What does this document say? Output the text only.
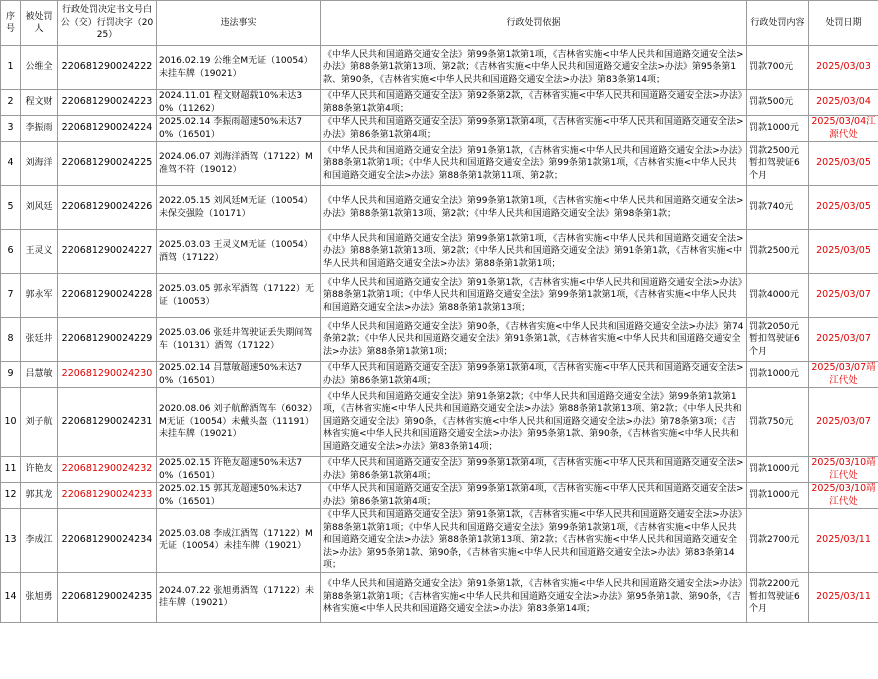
序号	被处罚人	行政处罚决定书文号白公（交）行罚决字（2025）	违法事实	行政处罚依据	行政处罚内容	处罚日期
1	公维全	220681290024222	2016.02.19 公维全M无证（10054）未挂车牌（19021）	《中华人民共和国道路交通安全法》第99条第1款第1项，《吉林省实施<中华人民共和国道路交通安全法>办法》第88条第1款第13项、第2款；《吉林省实施<中华人民共和国道路交通安全法>办法》第95条第1款、第90条，《吉林省实施<中华人民共和国道路交通安全法>办法》第83条第14项；	罚款700元	2025/03/03
2	程文财	220681290024223	2024.11.01 程文财超载10%未达30%（11262）	《中华人民共和国道路交通安全法》第92条第2款，《吉林省实施<中华人民共和国道路交通安全法>办法》第88条第1款第4项；	罚款500元	2025/03/04
3	李振雨	220681290024224	2025.02.14 李振雨超速50%未达70%（16501）	《中华人民共和国道路交通安全法》第99条第1款第4项，《吉林省实施<中华人民共和国道路交通安全法>办法》第86条第1款第4项；	罚款1000元	2025/03/04江源代处
4	刘海洋	220681290024225	2024.06.07 刘海洋酒驾（17122）M准驾不符（19012）	《中华人民共和国道路交通安全法》第91条第1款，《吉林省实施<中华人民共和国道路交通安全法>办法》第88条第1款第1项；《中华人民共和国道路交通安全法》第99条第1款第1项，《吉林省实施<中华人民共和国道路交通安全法>办法》第88条第1款第11项、第2款；	罚款2500元暂扣驾驶证6个月	2025/03/05
5	刘风廷	220681290024226	2022.05.15 刘风廷M无证（10054）未保交强险（10171）	《中华人民共和国道路交通安全法》第99条第1款第1项，《吉林省实施<中华人民共和国道路交通安全法>办法》第88条第1款第13项、第2款；《中华人民共和国道路交通安全法》第98条第1款；	罚款740元	2025/03/05
6	王灵义	220681290024227	2025.03.03 王灵义M无证（10054）酒驾（17122）	《中华人民共和国道路交通安全法》第99条第1款第1项，《吉林省实施<中华人民共和国道路交通安全法>办法》第88条第1款第13项、第2款；《中华人民共和国道路交通安全法》第91条第1款，《吉林省实施<中华人民共和国道路交通安全法>办法》第88条第1款第1项；	罚款2500元	2025/03/05
7	郭永军	220681290024228	2025.03.05 郭永军酒驾（17122）无证（10053）	《中华人民共和国道路交通安全法》第91条第1款，《吉林省实施<中华人民共和国道路交通安全法>办法》第88条第1款第1项；《中华人民共和国道路交通安全法》第99条第1款第1项，《吉林省实施<中华人民共和国道路交通安全法>办法》第88条第1款第13项；	罚款4000元	2025/03/07
8	张廷井	220681290024229	2025.03.06 张廷井驾驶证丢失期间驾车（10131）酒驾（17122）	《中华人民共和国道路交通安全法》第90条，《吉林省实施<中华人民共和国道路交通安全法>办法》第74条第2款；《中华人民共和国道路交通安全法》第91条第1款，《吉林省实施<中华人民共和国道路交通安全法>办法》第88条第1款第1项；	罚款2050元暂扣驾驶证6个月	2025/03/07
9	吕慧敏	220681290024230	2025.02.14 吕慧敏超速50%未达70%（16501）	《中华人民共和国道路交通安全法》第99条第1款第4项，《吉林省实施<中华人民共和国道路交通安全法>办法》第86条第1款第4项；	罚款1000元	2025/03/07靖江代处
10	刘子航	220681290024231	2020.08.06 刘子航醉酒驾车（6032）M无证（10054）未戴头盔（11191）未挂车牌（19021）	《中华人民共和国道路交通安全法》第91条第2款；《中华人民共和国道路交通安全法》第99条第1款第1项，《吉林省实施<中华人民共和国道路交通安全法>办法》第88条第1款第13项、第2款；《中华人民共和国道路交通安全法》第90条，《吉林省实施<中华人民共和国道路交通安全法>办法》第78条第3项；《吉林省实施<中华人民共和国道路交通安全法>办法》第95条第1款、第90条，《吉林省实施<中华人民共和国道路交通安全法>办法》第83条第14项；	罚款750元	2025/03/07
11	许艳友	220681290024232	2025.02.15 许艳友超速50%未达70%（16501）	《中华人民共和国道路交通安全法》第99条第1款第4项，《吉林省实施<中华人民共和国道路交通安全法>办法》第86条第1款第4项；	罚款1000元	2025/03/10靖江代处
12	郭其龙	220681290024233	2025.02.15 郭其龙超速50%未达70%（16501）	《中华人民共和国道路交通安全法》第99条第1款第4项，《吉林省实施<中华人民共和国道路交通安全法>办法》第86条第1款第4项；	罚款1000元	2025/03/10靖江代处
13	李成江	220681290024234	2025.03.08 李成江酒驾（17122）M无证（10054）未挂车牌（19021）	《中华人民共和国道路交通安全法》第91条第1款，《吉林省实施<中华人民共和国道路交通安全法>办法》第88条第1款第1项；《中华人民共和国道路交通安全法》第99条第1款第1项，《吉林省实施<中华人民共和国道路交通安全法>办法》第88条第1款第13项、第2款；《吉林省实施<中华人民共和国道路交通安全法>办法》第95条第1款、第90条，《吉林省实施<中华人民共和国道路交通安全法>办法》第83条第14项；	罚款2700元	2025/03/11
14	张旭勇	220681290024235	2024.07.22 张旭勇酒驾（17122）未挂车牌（19021）	《中华人民共和国道路交通安全法》第91条第1款，《吉林省实施<中华人民共和国道路交通安全法>办法》第88条第1款第1项；《吉林省实施<中华人民共和国道路交通安全法>办法》第95条第1款、第90条，《吉林省实施<中华人民共和国道路交通安全法>办法》第83条第14项；	罚款2200元暂扣驾驶证6个月	2025/03/11
